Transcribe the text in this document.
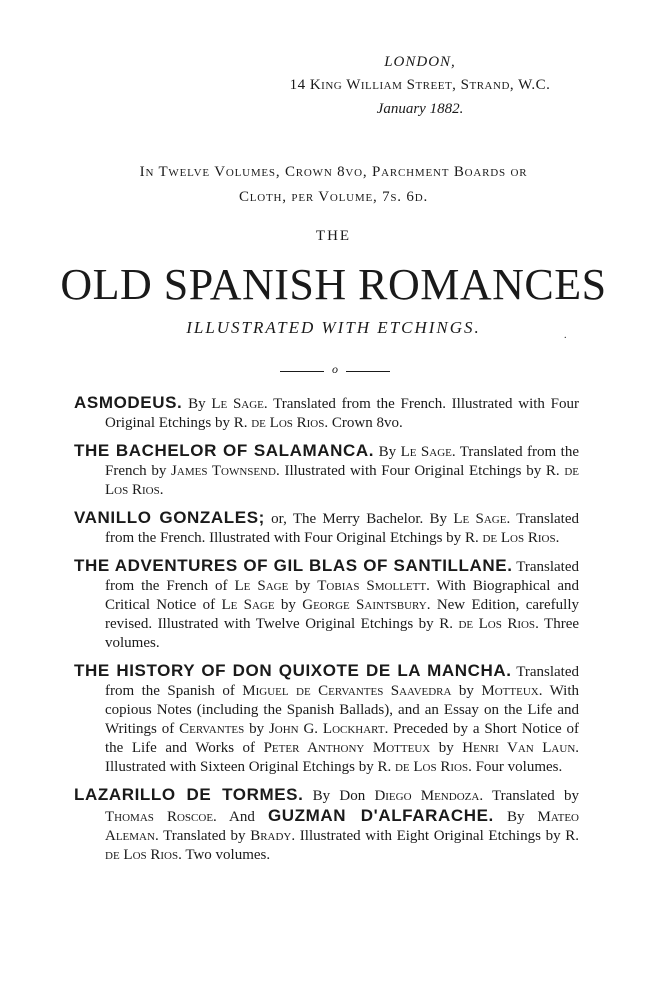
LONDON,
14 King William Street, Strand, W.C.
January 1882.
In Twelve Volumes, Crown 8vo, Parchment Boards or
Cloth, per Volume, 7s. 6d.
THE
OLD SPANISH ROMANCES
ILLUSTRATED WITH ETCHINGS.	.
o

ASMODEUS. By Le Sage. Translated from the French. Illustrated with Four Original Etchings by R. de Los Rios. Crown 8vo.

THE BACHELOR OF SALAMANCA. By Le Sage. Translated from the French by James Townsend. Illustrated with Four Original Etchings by R. de Los Rios.

VANILLO GONZALES; or, The Merry Bachelor. By Le Sage. Translated from the French. Illustrated with Four Original Etchings by R. de Los Rios.

THE ADVENTURES OF GIL BLAS OF SANTILLANE. Translated from the French of Le Sage by Tobias Smollett. With Biographical and Critical Notice of Le Sage by George Saintsbury. New Edition, carefully revised. Illustrated with Twelve Original Etchings by R. de Los Rios. Three volumes.

THE HISTORY OF DON QUIXOTE DE LA MANCHA. Translated from the Spanish of Miguel de Cervantes Saavedra by Motteux. With copious Notes (including the Spanish Ballads), and an Essay on the Life and Writings of Cervantes by John G. Lockhart. Preceded by a Short Notice of the Life and Works of Peter Anthony Motteux by Henri Van Laun. Illustrated with Sixteen Original Etchings by R. de Los Rios. Four volumes.

LAZARILLO DE TORMES. By Don Diego Mendoza. Translated by Thomas Roscoe. And GUZMAN D'ALFARACHE. By Mateo Aleman. Translated by Brady. Illustrated with Eight Original Etchings by R. de Los Rios. Two volumes.
